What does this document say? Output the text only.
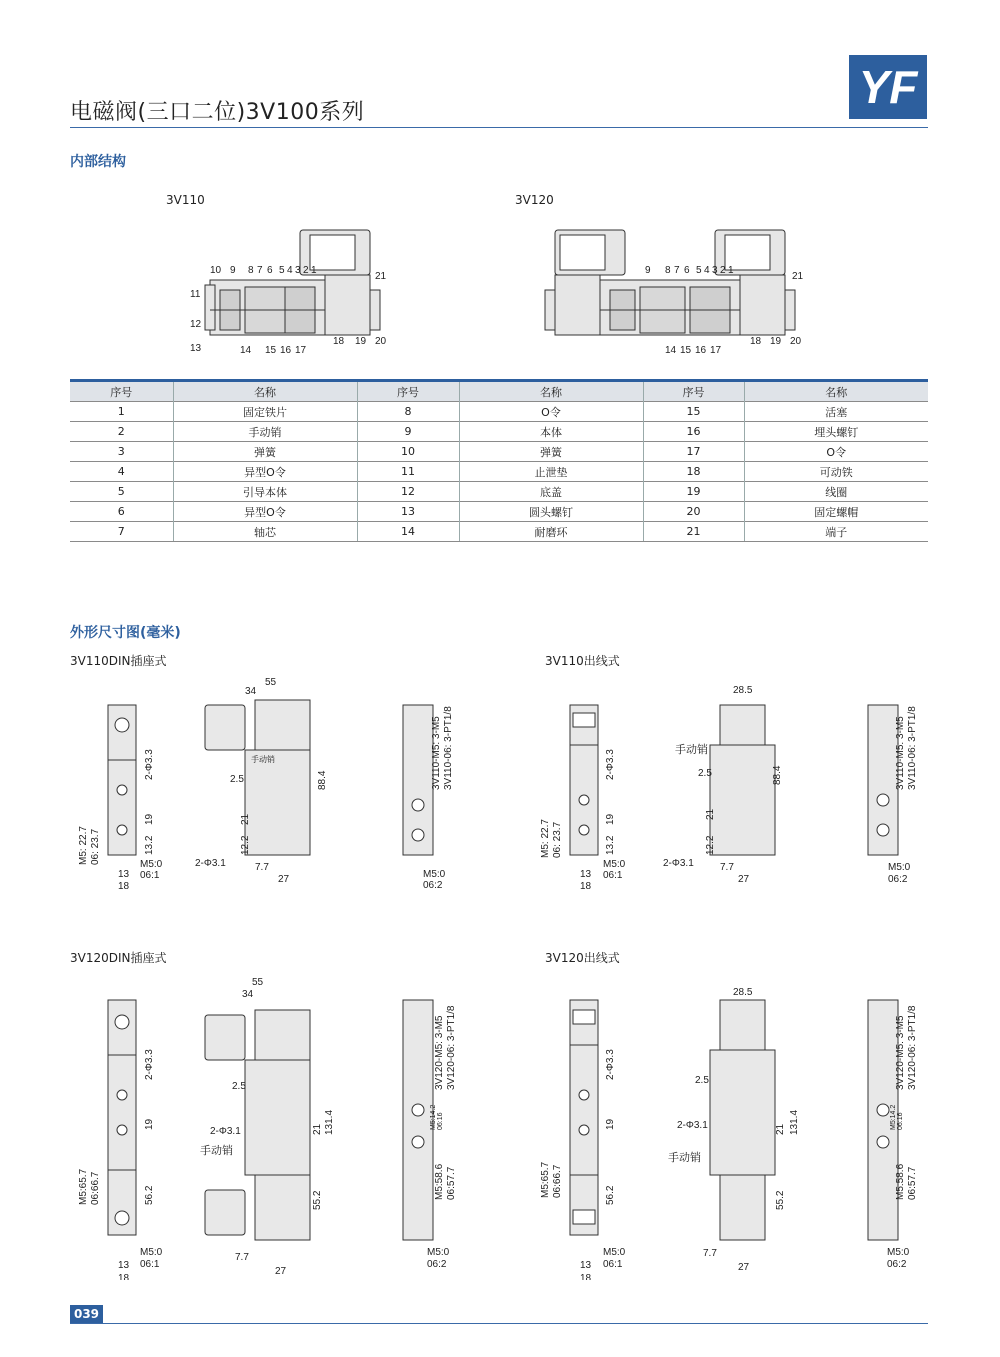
电磁阀(三口二位)3V100系列	YF
内部结构
3V110	3V120
10 9 8 7 6 5 4 3 2 1
11
12
13	14 15 16 17
18 19 20
21
9 8 7 6 5 4 3 2 1
14 15 16 17
18 19 20
21
序号	名称	序号	名称	序号	名称
1	固定铁片	8	O令	15	活塞
2	手动销	9	本体	16	埋头螺钉
3	弹簧	10	弹簧	17	O令
4	异型O令	11	止泄垫	18	可动铁
5	引导本体	12	底盖	19	线圈
6	异型O令	13	圆头螺钉	20	固定螺帽
7	轴芯	14	耐磨环	21	端子
外形尺寸图(毫米)
3V110DIN插座式	3V110出线式
3V120DIN插座式	3V120出线式
55
34
2.5
2-Φ3.1	7.7
27
手动销
13
18
M5:0
06:1	M5:0
06:2
2-Φ3.3
19
13.2
M5: 22.7 06: 23.7
88.4
21
12.2
3V110-M5: 3-M5 3V110-06: 3-PT1/8
28.5
手动销
2.5
2-Φ3.1	7.7
27
13
18
M5:0
06:1
M5:0
06:2
2-Φ3.3
19
13.2
M5: 22.7 06: 23.7
88.4
21
12.2
3V110-M5: 3-M5 3V110-06: 3-PT1/8
55
34
2.5
2-Φ3.1
手动销
7.7
27
13
18
M5:0
06:1
M5:0
06:2
2-Φ3.3
19
56.2
M5:65.7 06:66.7
131.4
21
55.2
3V120-M5: 3-M5 3V120-06: 3-PT1/8
M5:58.6 06:57.7
M5:14.2 06:16
28.5
2.5
2-Φ3.1
手动销
7.7
27
13
18
M5:0
06:1
M5:0
06:2
2-Φ3.3
19
56.2
M5:65.7 06:66.7
131.4
21
55.2
3V120-M5: 3-M5 3V120-06: 3-PT1/8
M5:58.6 06:57.7
M5:14.2 06:16
039
